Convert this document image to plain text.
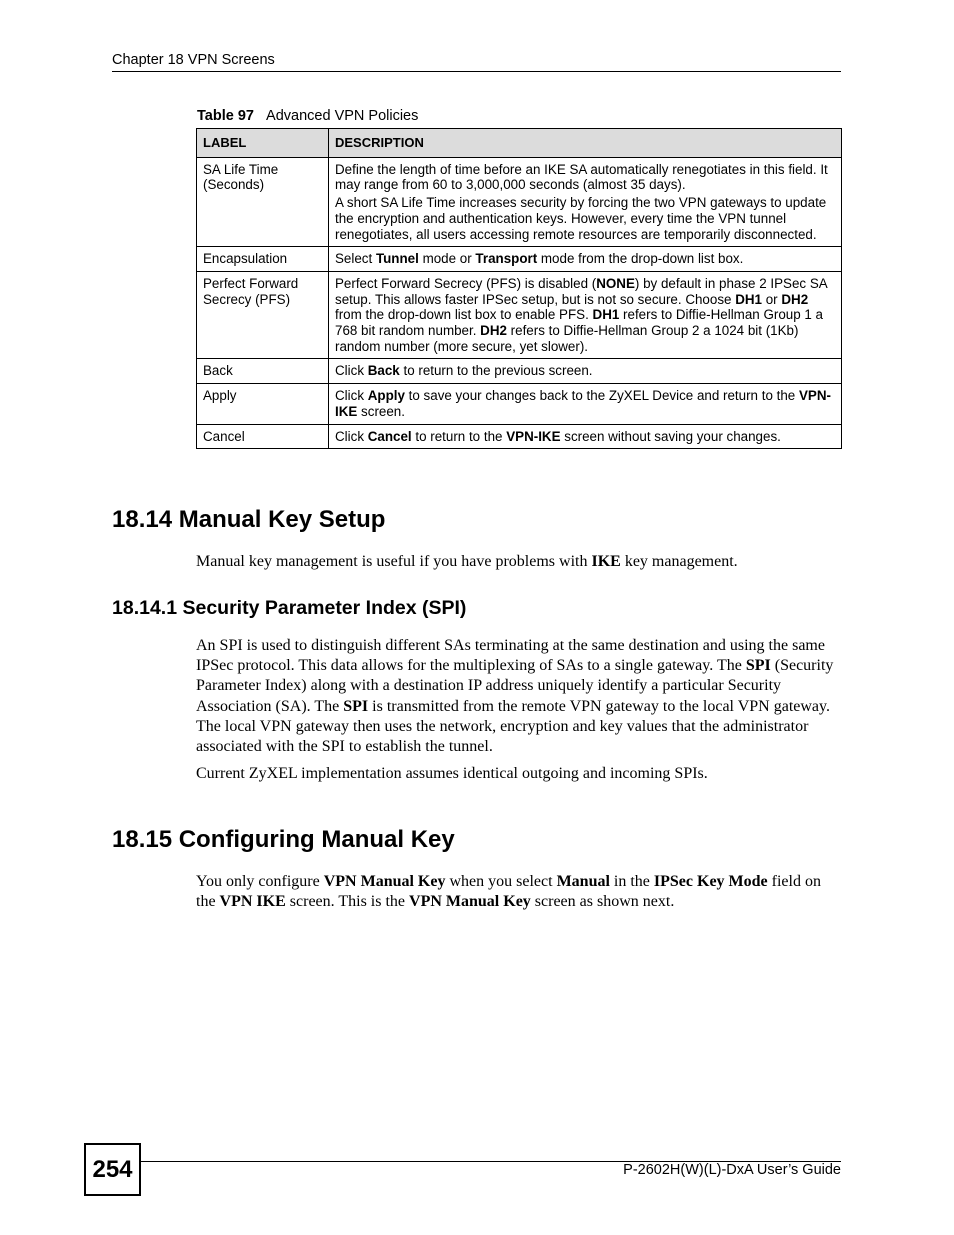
Chapter 18 VPN Screens
Table 97 Advanced VPN Policies
LABEL	DESCRIPTION
SA Life Time (Seconds)	Define the length of time before an IKE SA automatically renegotiates in this field. It may range from 60 to 3,000,000 seconds (almost 35 days).

A short SA Life Time increases security by forcing the two VPN gateways to update the encryption and authentication keys. However, every time the VPN tunnel renegotiates, all users accessing remote resources are temporarily disconnected.

Encapsulation	Select Tunnel mode or Transport mode from the drop-down list box.
Perfect Forward Secrecy (PFS)	Perfect Forward Secrecy (PFS) is disabled (NONE) by default in phase 2 IPSec SA setup. This allows faster IPSec setup, but is not so secure. Choose DH1 or DH2 from the drop-down list box to enable PFS. DH1 refers to Diffie-Hellman Group 1 a 768 bit random number. DH2 refers to Diffie-Hellman Group 2 a 1024 bit (1Kb) random number (more secure, yet slower).
Back	Click Back to return to the previous screen.
Apply	Click Apply to save your changes back to the ZyXEL Device and return to the VPN-IKE screen.
Cancel	Click Cancel to return to the VPN-IKE screen without saving your changes.
18.14 Manual Key Setup

Manual key management is useful if you have problems with IKE key management.

18.14.1 Security Parameter Index (SPI)

An SPI is used to distinguish different SAs terminating at the same destination and using the same IPSec protocol. This data allows for the multiplexing of SAs to a single gateway. The SPI (Security Parameter Index) along with a destination IP address uniquely identify a particular Security Association (SA). The SPI is transmitted from the remote VPN gateway to the local VPN gateway. The local VPN gateway then uses the network, encryption and key values that the administrator associated with the SPI to establish the tunnel.

Current ZyXEL implementation assumes identical outgoing and incoming SPIs.

18.15 Configuring Manual Key

You only configure VPN Manual Key when you select Manual in the IPSec Key Mode field on the VPN IKE screen. This is the VPN Manual Key screen as shown next.

254	P-2602H(W)(L)-DxA User’s Guide
